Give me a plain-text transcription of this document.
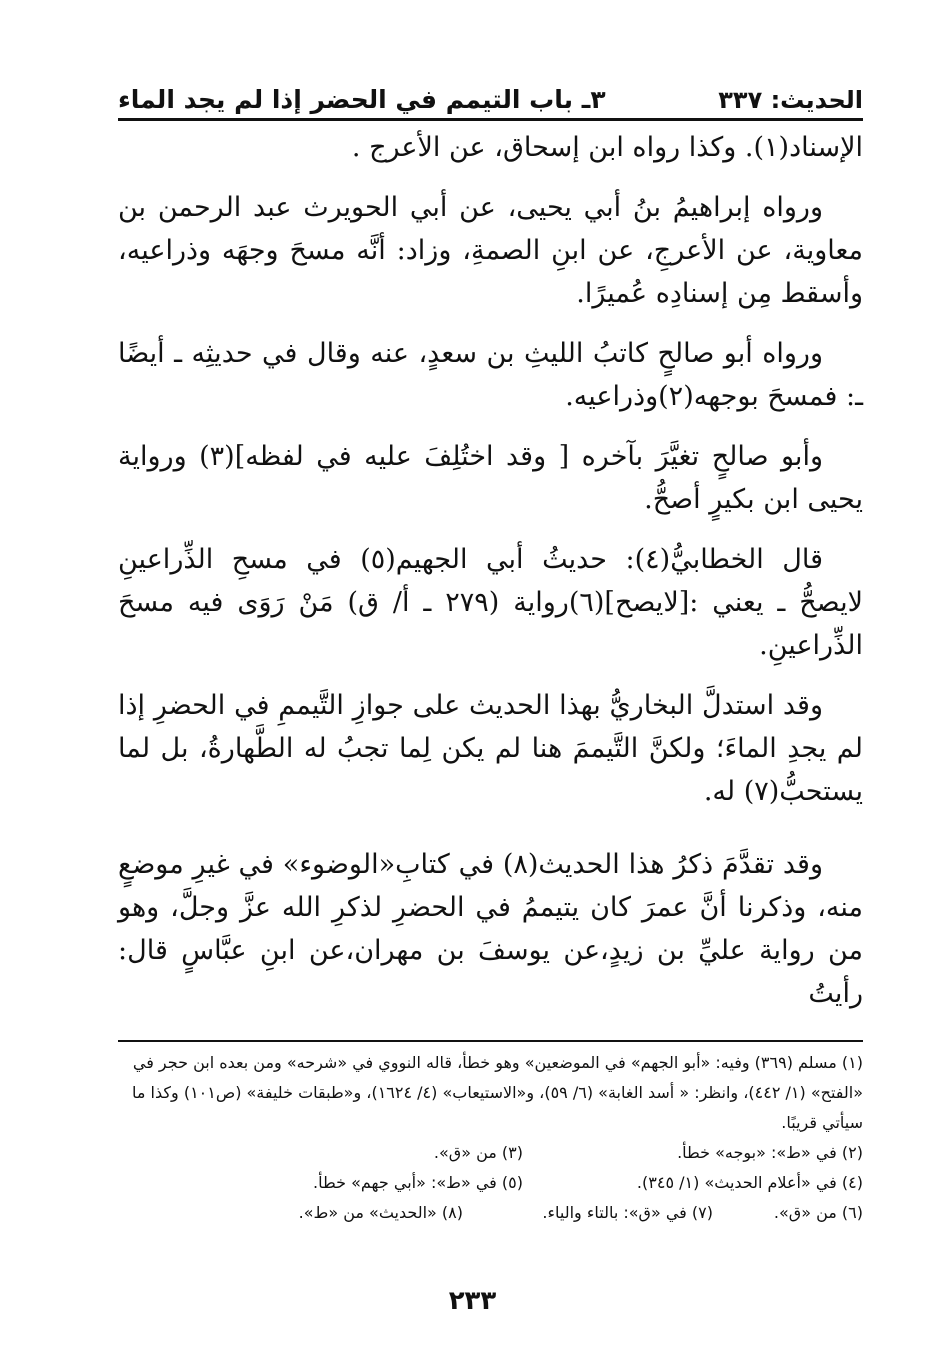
٣ـ باب التيمم في الحضر إذا لم يجد الماء	الحديث: ٣٣٧

الإسناد(١). وكذا رواه ابن إسحاق، عن الأعرج .

ورواه إبراهيمُ بنُ أبي يحيى، عن أبي الحويرث عبد الرحمن بن معاوية، عن الأعرجِ، عن ابنِ الصمةِ، وزاد: أنَّه مسحَ وجهَه وذراعيه، وأسقط مِن إسنادِه عُميرًا.

ورواه أبو صالحٍ كاتبُ الليثِ بن سعدٍ، عنه وقال في حديثِه ـ أيضًا ـ: فمسحَ بوجهه(٢)وذراعيه.

وأبو صالحٍ تغيَّرَ بآخره [ وقد اختُلِفَ عليه في لفظه](٣) ورواية يحيى ابن بكيرٍ أصحُّ.

قال الخطابيُّ(٤): حديثُ أبي الجهيم(٥) في مسحِ الذِّراعينِ لايصحُّ ـ يعني :[لايصح](٦)رواية (٢٧٩ ـ أ/ ق) مَنْ رَوَى فيه مسحَ الذِّراعينِ.

وقد استدلَّ البخاريُّ بهذا الحديث على جوازِ التَّيممِ في الحضرِ إذا لم يجدِ الماءَ؛ ولكنَّ التَّيممَ هنا لم يكن لِما تجبُ له الطَّهارةُ، بل لما يستحبُّ(٧) له.

وقد تقدَّمَ ذكرُ هذا الحديث(٨) في كتابِ«الوضوء» في غيرِ موضعٍ منه، وذكرنا أنَّ عمرَ كان يتيممُ في الحضرِ لذكرِ الله عزَّ وجلَّ، وهو من رواية عليِّ بن زيدٍ،عن يوسفَ بن مهران،عن ابنِ عبَّاسٍ قال: رأيتُ

(١) مسلم (٣٦٩) وفيه: «أبو الجهم» في الموضعين» وهو خطأ، قاله النووي في «شرحه» ومن بعده ابن حجر في «الفتح» (١/ ٤٤٢)، وانظر: « أسد الغابة» (٦/ ٥٩)، و«الاستيعاب» (٤/ ١٦٢٤)، و«طبقات خليفة» (ص١٠١) وكذا ما سيأتي قريبًا.

(٢) في «ط»: «بوجه» خطأ.
(٣) من «ق».
(٤) في «أعلام الحديث» (١/ ٣٤٥).
(٥) في «ط»: «أبي جهم» خطأ.
(٦) من «ق».
(٧) في «ق»: بالتاء والياء.
(٨) «الحديث» من «ط».
٢٣٣
